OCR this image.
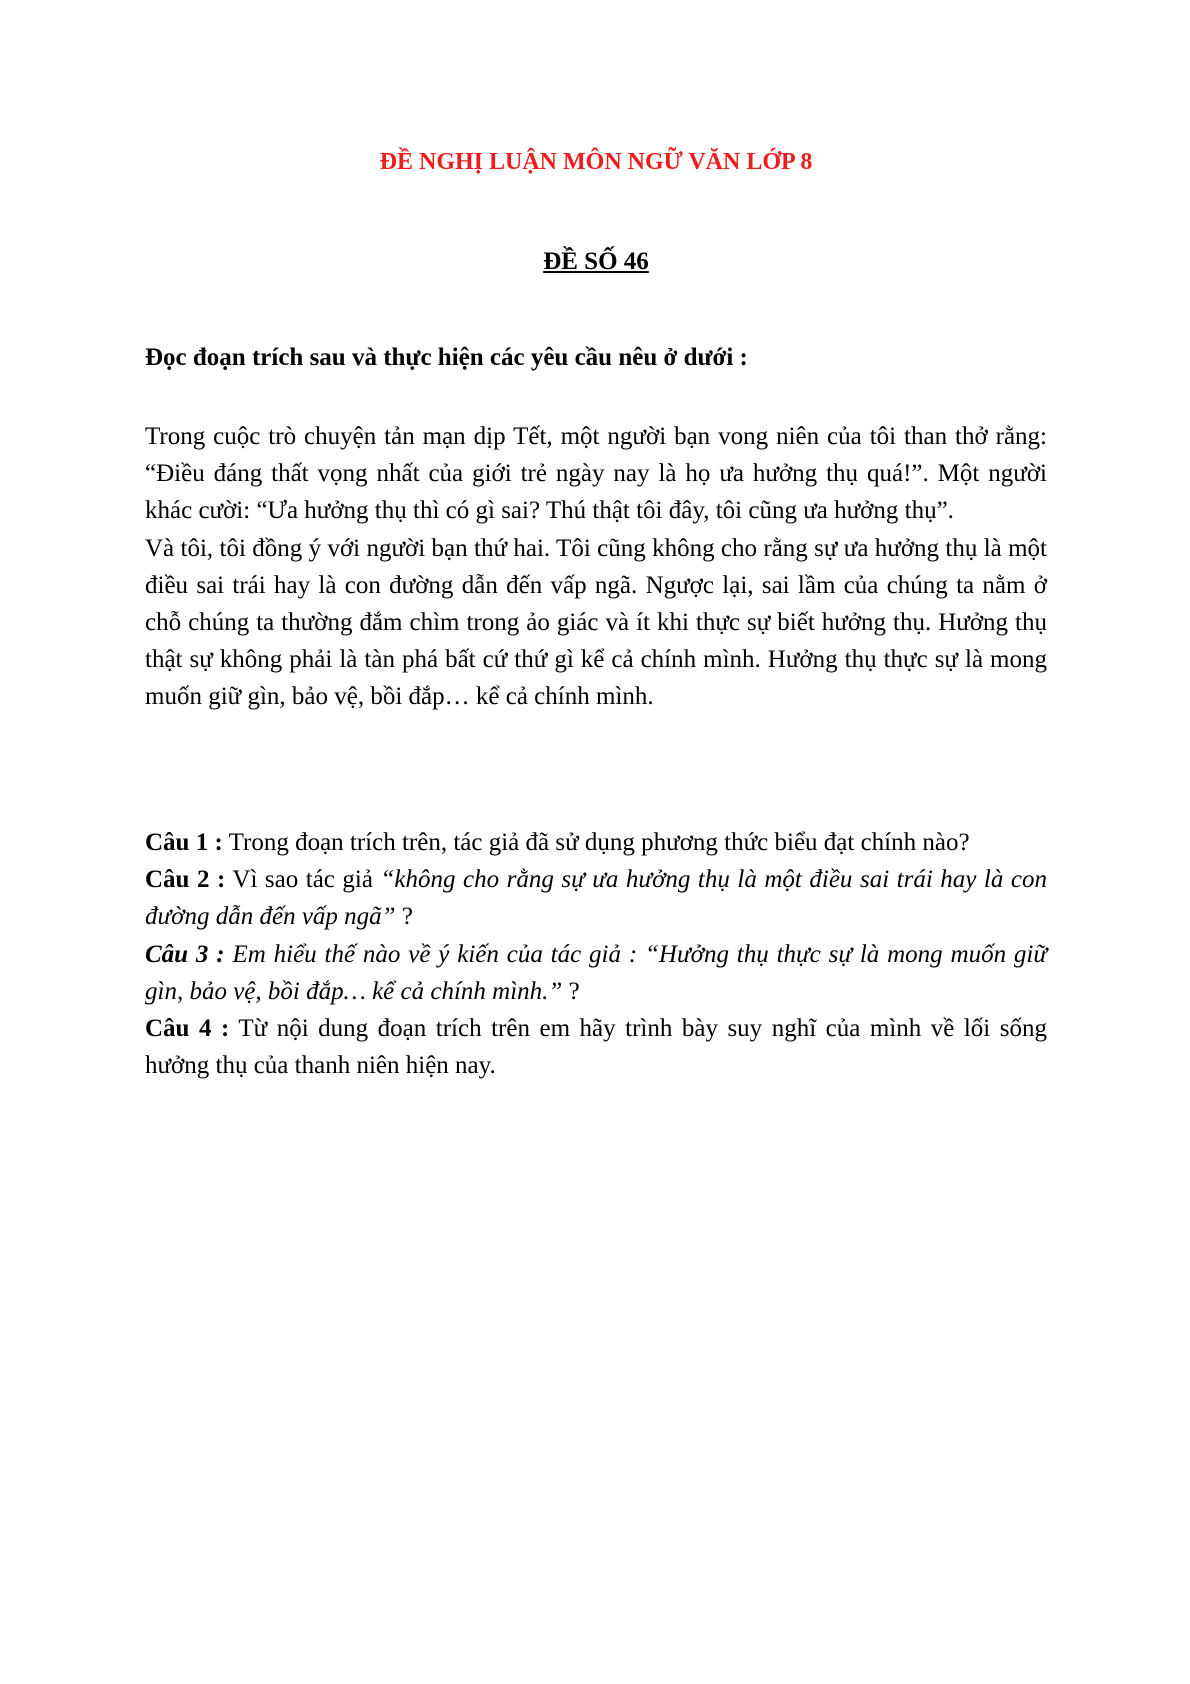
ĐỀ NGHỊ LUẬN MÔN NGỮ VĂN LỚP 8
ĐỀ SỐ 46

Đọc đoạn trích sau và thực hiện các yêu cầu nêu ở dưới :

Trong cuộc trò chuyện tản mạn dịp Tết, một người bạn vong niên của tôi than thở rằng: “Điều đáng thất vọng nhất của giới trẻ ngày nay là họ ưa hưởng thụ quá!”. Một người khác cười: “Ưa hưởng thụ thì có gì sai? Thú thật tôi đây, tôi cũng ưa hưởng thụ”.

Và tôi, tôi đồng ý với người bạn thứ hai. Tôi cũng không cho rằng sự ưa hưởng thụ là một điều sai trái hay là con đường dẫn đến vấp ngã. Ngược lại, sai lầm của chúng ta nằm ở chỗ chúng ta thường đắm chìm trong ảo giác và ít khi thực sự biết hưởng thụ. Hưởng thụ thật sự không phải là tàn phá bất cứ thứ gì kể cả chính mình. Hưởng thụ thực sự là mong muốn giữ gìn, bảo vệ, bồi đắp… kể cả chính mình.

Câu 1 : Trong đoạn trích trên, tác giả đã sử dụng phương thức biểu đạt chính nào?

Câu 2 : Vì sao tác giả “không cho rằng sự ưa hưởng thụ là một điều sai trái hay là con đường dẫn đến vấp ngã” ?

Câu 3 : Em hiểu thế nào về ý kiến của tác giả : “Hưởng thụ thực sự là mong muốn giữ gìn, bảo vệ, bồi đắp… kể cả chính mình.” ?

Câu 4 : Từ nội dung đoạn trích trên em hãy trình bày suy nghĩ của mình về lối sống hưởng thụ của thanh niên hiện nay.
